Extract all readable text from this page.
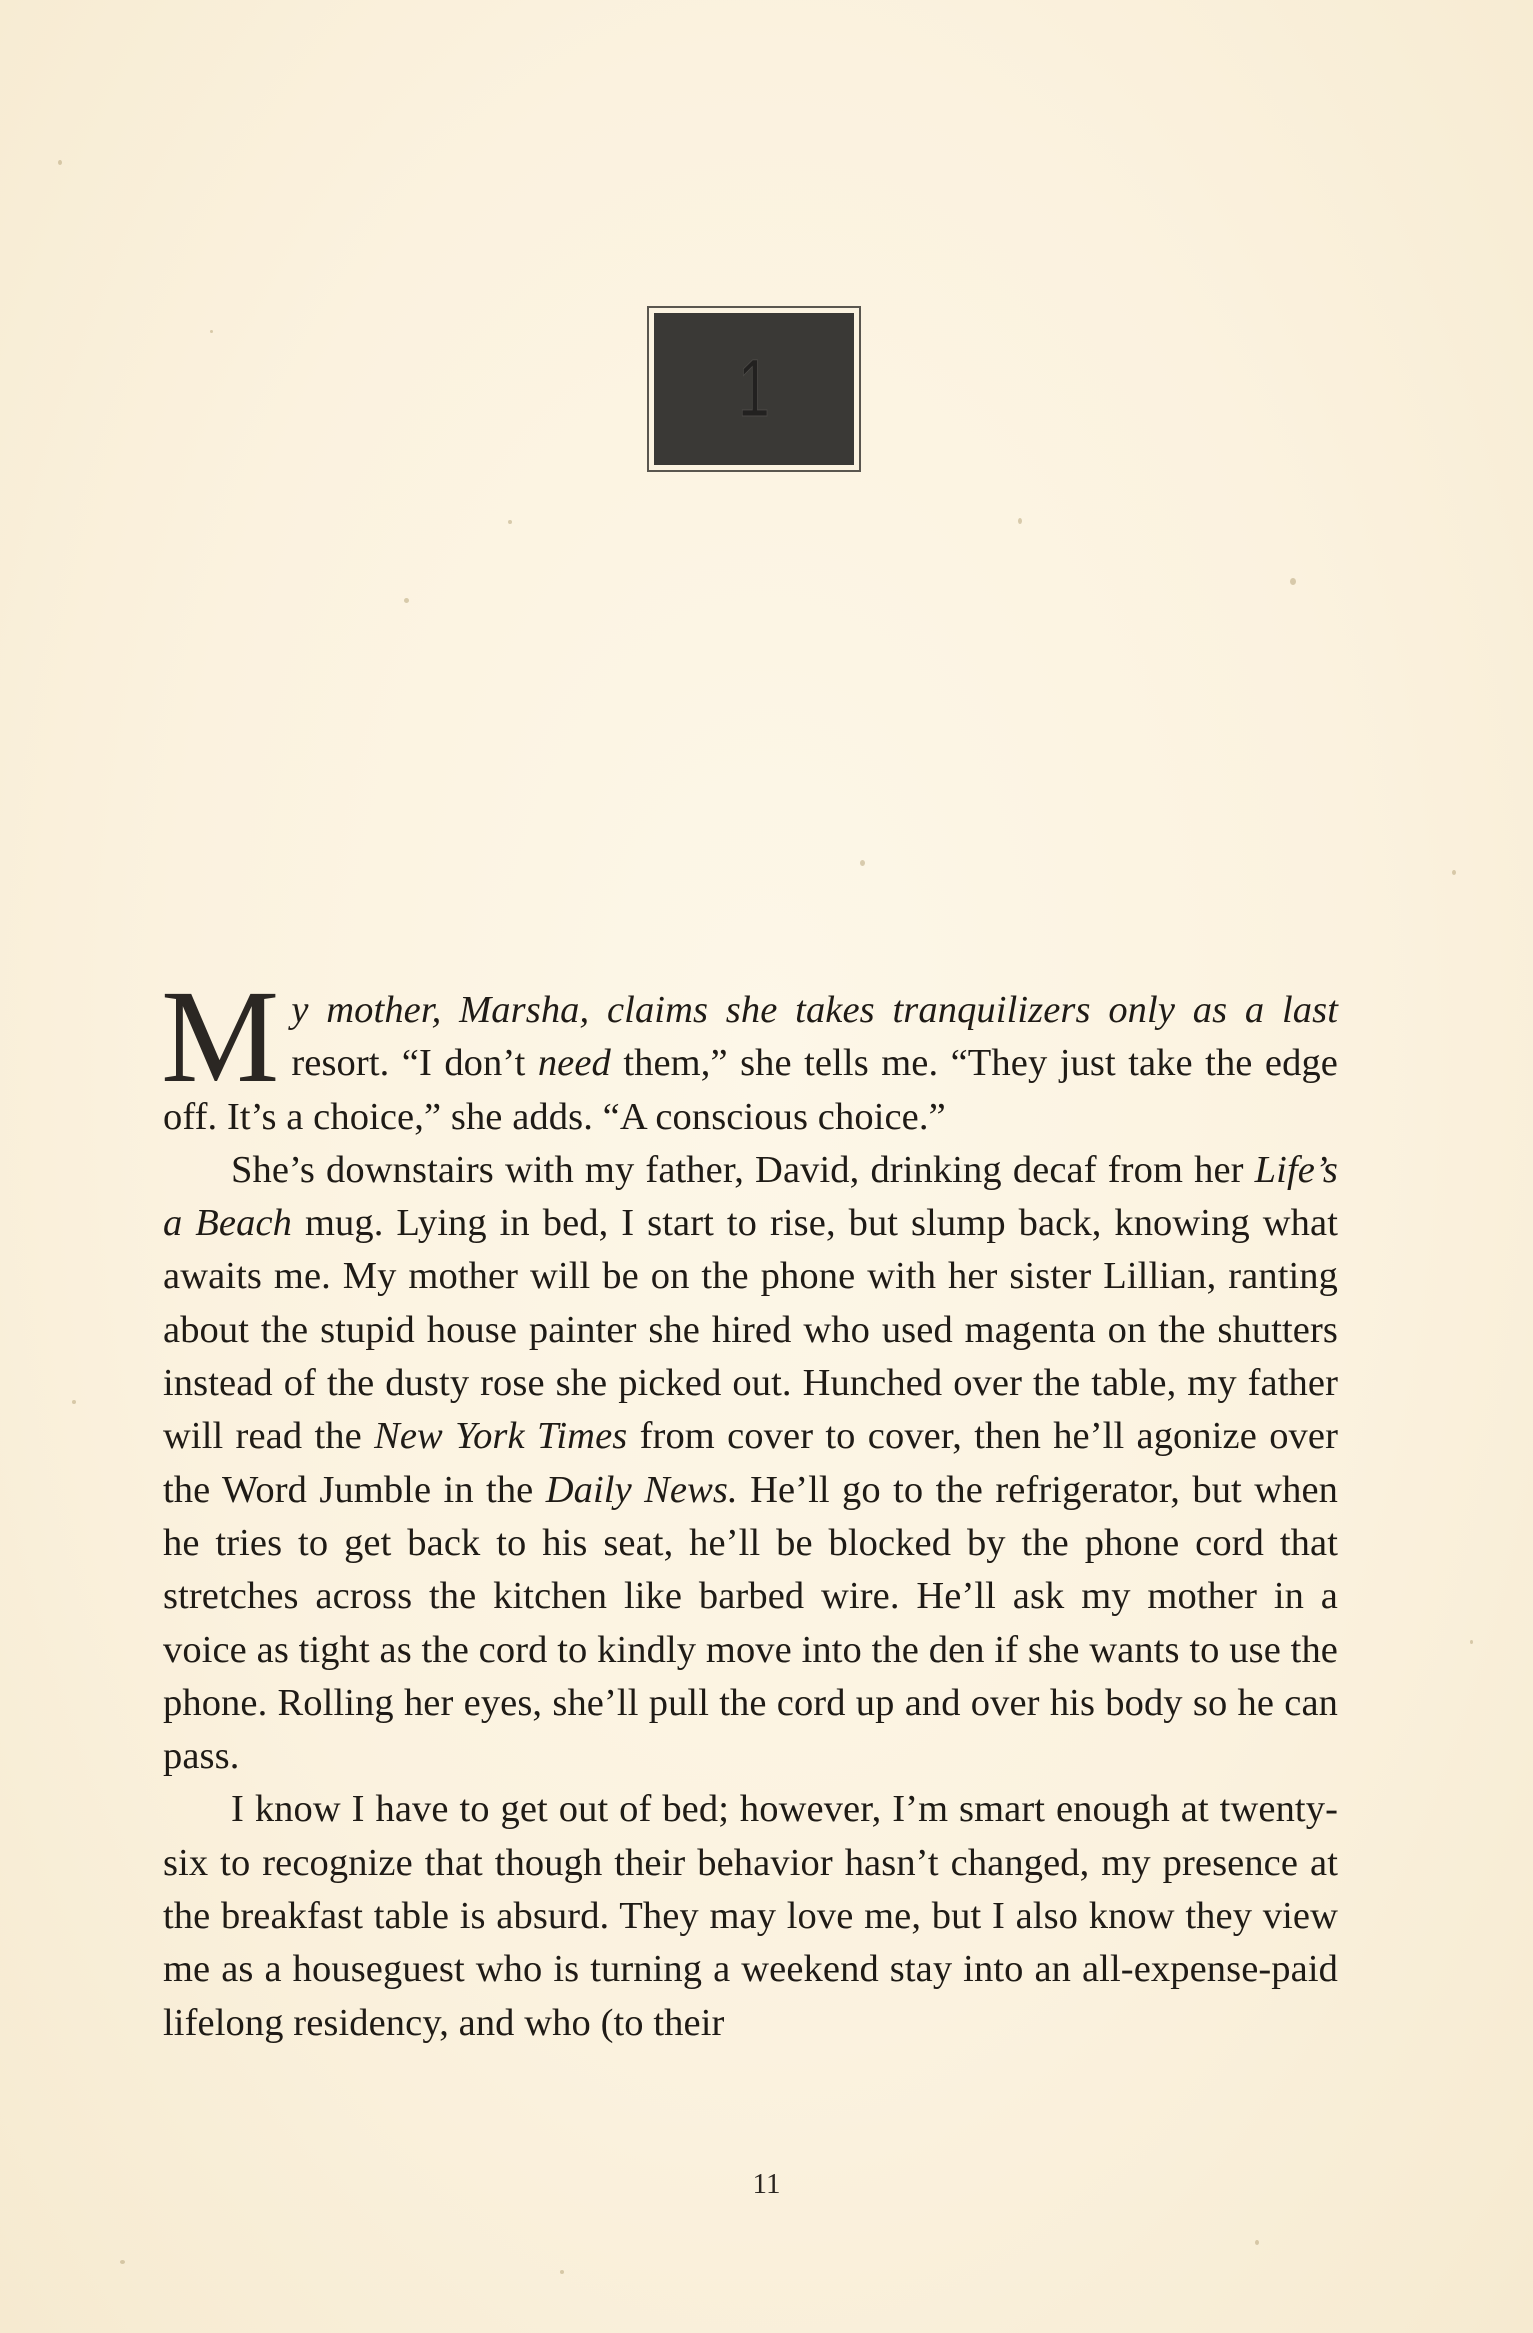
1

My mother, Marsha, claims she takes tranquilizers only as a last resort. “I don’t need them,” she tells me. “They just take the edge off. It’s a choice,” she adds. “A conscious choice.”

She’s downstairs with my father, David, drinking decaf from her Life’s a Beach mug. Lying in bed, I start to rise, but slump back, knowing what awaits me. My mother will be on the phone with her sister Lillian, ranting about the stupid house painter she hired who used magenta on the shutters instead of the dusty rose she picked out. Hunched over the table, my father will read the New York Times from cover to cover, then he’ll agonize over the Word Jumble in the Daily News. He’ll go to the refrigerator, but when he tries to get back to his seat, he’ll be blocked by the phone cord that stretches across the kitchen like barbed wire. He’ll ask my mother in a voice as tight as the cord to kindly move into the den if she wants to use the phone. Rolling her eyes, she’ll pull the cord up and over his body so he can pass.

I know I have to get out of bed; however, I’m smart enough at twenty-six to recognize that though their behavior hasn’t changed, my presence at the breakfast table is absurd. They may love me, but I also know they view me as a houseguest who is turning a weekend stay into an all-expense-paid lifelong residency, and who (to their

11
